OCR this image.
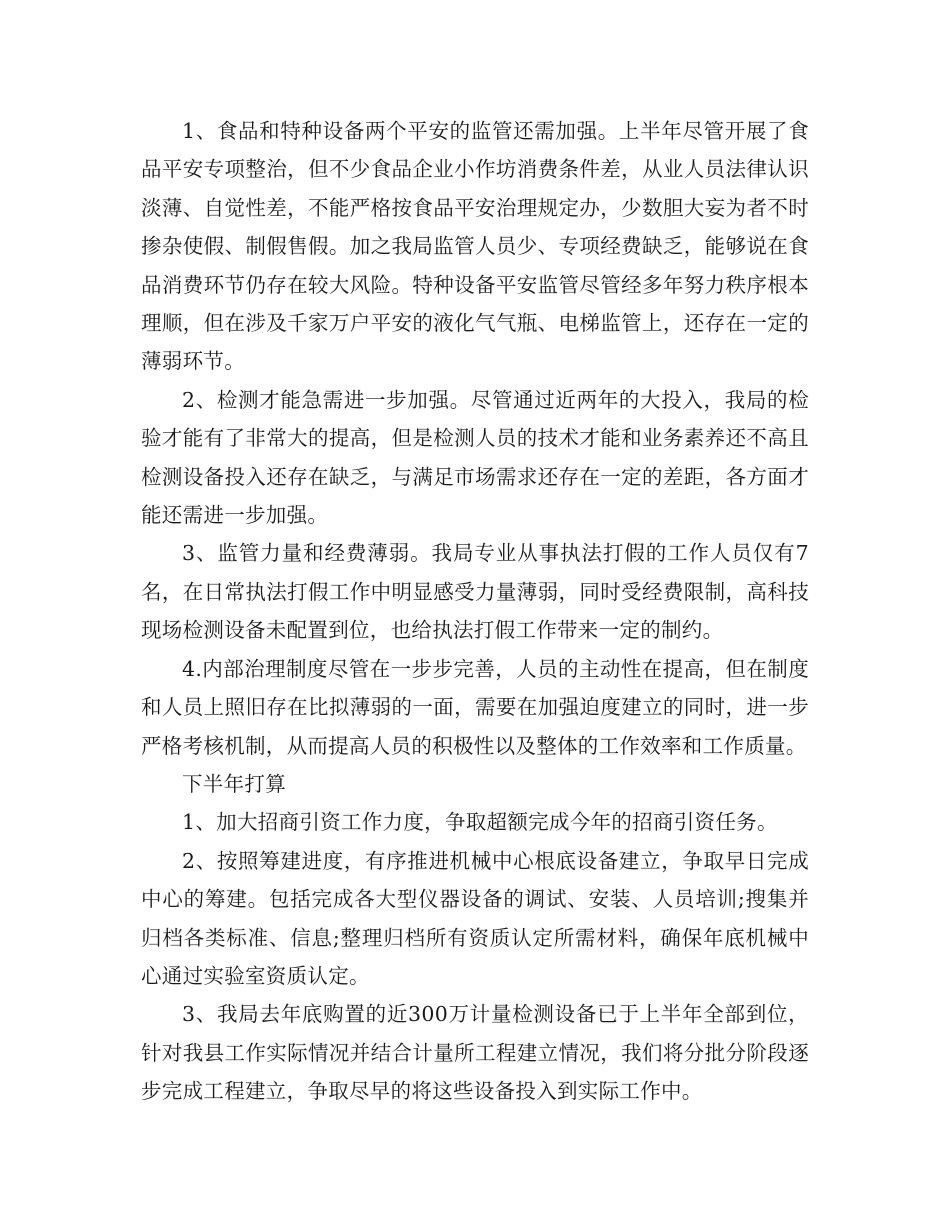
1、食品和特种设备两个平安的监管还需加强。上半年尽管开展了食品平安专项整治，但不少食品企业小作坊消费条件差，从业人员法律认识淡薄、自觉性差，不能严格按食品平安治理规定办，少数胆大妄为者不时掺杂使假、制假售假。加之我局监管人员少、专项经费缺乏，能够说在食品消费环节仍存在较大风险。特种设备平安监管尽管经多年努力秩序根本理顺，但在涉及千家万户平安的液化气气瓶、电梯监管上，还存在一定的薄弱环节。

2、检测才能急需进一步加强。尽管通过近两年的大投入，我局的检验才能有了非常大的提高，但是检测人员的技术才能和业务素养还不高且检测设备投入还存在缺乏，与满足市场需求还存在一定的差距，各方面才能还需进一步加强。

3、监管力量和经费薄弱。我局专业从事执法打假的工作人员仅有7名，在日常执法打假工作中明显感受力量薄弱，同时受经费限制，高科技现场检测设备未配置到位，也给执法打假工作带来一定的制约。

4.内部治理制度尽管在一步步完善，人员的主动性在提高，但在制度和人员上照旧存在比拟薄弱的一面，需要在加强迫度建立的同时，进一步严格考核机制，从而提高人员的积极性以及整体的工作效率和工作质量。

下半年打算

1、加大招商引资工作力度，争取超额完成今年的招商引资任务。

2、按照筹建进度，有序推进机械中心根底设备建立，争取早日完成中心的筹建。包括完成各大型仪器设备的调试、安装、人员培训;搜集并归档各类标准、信息;整理归档所有资质认定所需材料，确保年底机械中心通过实验室资质认定。

3、我局去年底购置的近300万计量检测设备已于上半年全部到位，针对我县工作实际情况并结合计量所工程建立情况，我们将分批分阶段逐步完成工程建立，争取尽早的将这些设备投入到实际工作中。
